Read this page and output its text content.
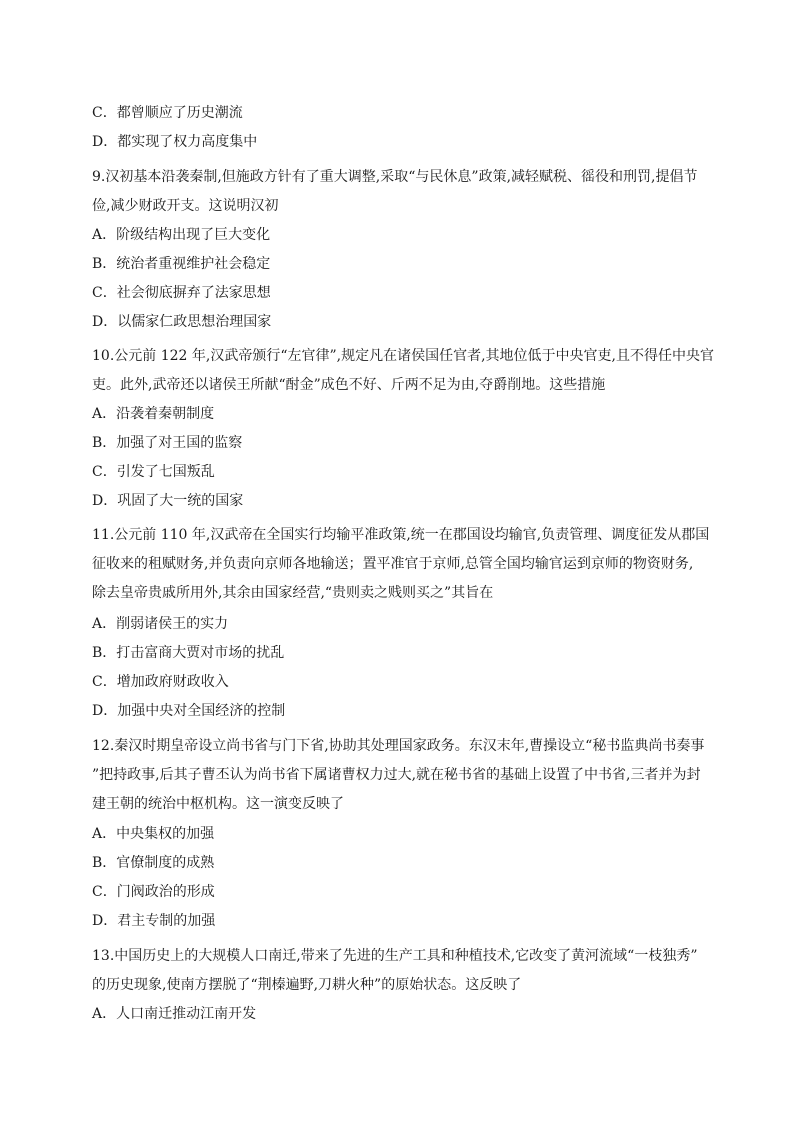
C．都曾顺应了历史潮流
D．都实现了权力高度集中
9.汉初基本沿袭秦制,但施政方针有了重大调整,采取“与民休息”政策,减轻赋税、徭役和刑罚,提倡节
俭,减少财政开支。这说明汉初
A．阶级结构出现了巨大变化
B．统治者重视维护社会稳定
C．社会彻底摒弃了法家思想
D．以儒家仁政思想治理国家
10.公元前 122 年,汉武帝颁行“左官律”,规定凡在诸侯国任官者,其地位低于中央官吏,且不得任中央官
吏。此外,武帝还以诸侯王所献“酎金”成色不好、斤两不足为由,夺爵削地。这些措施
A．沿袭着秦朝制度
B．加强了对王国的监察
C．引发了七国叛乱
D．巩固了大一统的国家
11.公元前 110 年,汉武帝在全国实行均输平准政策,统一在郡国设均输官,负责管理、调度征发从郡国
征收来的租赋财务,并负责向京师各地输送；置平准官于京师,总管全国均输官运到京师的物资财务,
除去皇帝贵戚所用外,其余由国家经营,“贵则卖之贱则买之”其旨在
A．削弱诸侯王的实力
B．打击富商大贾对市场的扰乱
C．增加政府财政收入
D．加强中央对全国经济的控制
12.秦汉时期皇帝设立尚书省与门下省,协助其处理国家政务。东汉末年,曹操设立“秘书监典尚书奏事
”把持政事,后其子曹丕认为尚书省下属诸曹权力过大,就在秘书省的基础上设置了中书省,三者并为封
建王朝的统治中枢机构。这一演变反映了
A．中央集权的加强
B．官僚制度的成熟
C．门阀政治的形成
D．君主专制的加强
13.中国历史上的大规模人口南迁,带来了先进的生产工具和种植技术,它改变了黄河流域“一枝独秀”
的历史现象,使南方摆脱了“荆榛遍野,刀耕火种”的原始状态。这反映了
A．人口南迁推动江南开发
